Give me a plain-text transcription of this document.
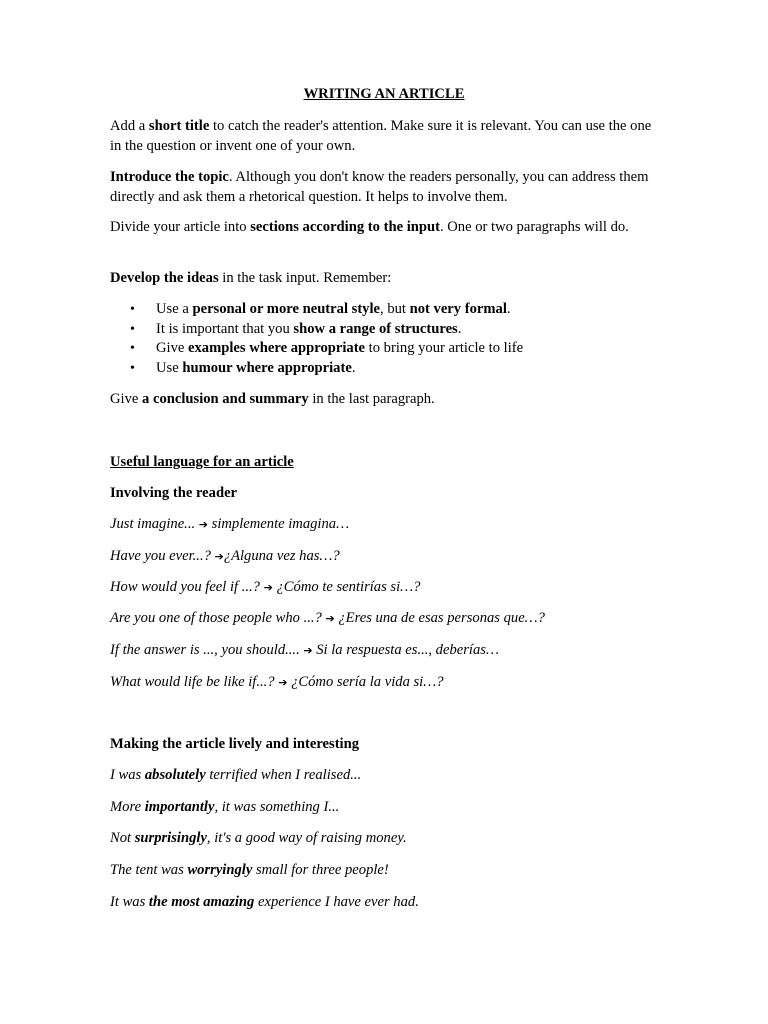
WRITING AN ARTICLE

Add a short title to catch the reader's attention. Make sure it is relevant. You can use the one in the question or invent one of your own.

Introduce the topic. Although you don't know the readers personally, you can address them directly and ask them a rhetorical question. It helps to involve them.

Divide your article into sections according to the input. One or two paragraphs will do.

Develop the ideas in the task input. Remember:

• Use a personal or more neutral style, but not very formal.
• It is important that you show a range of structures.
• Give examples where appropriate to bring your article to life
• Use humour where appropriate.

Give a conclusion and summary in the last paragraph.

Useful language for an article

Involving the reader

Just imagine... ➔ simplemente imagina…

Have you ever...? ➔¿Alguna vez has…?

How would you feel if ...? ➔ ¿Cómo te sentirías si…?

Are you one of those people who ...? ➔ ¿Eres una de esas personas que…?

If the answer is ..., you should.... ➔ Si la respuesta es..., deberías…

What would life be like if...? ➔ ¿Cómo sería la vida si…?

Making the article lively and interesting

I was absolutely terrified when I realised...

More importantly, it was something I...

Not surprisingly, it's a good way of raising money.

The tent was worryingly small for three people!

It was the most amazing experience I have ever had.
